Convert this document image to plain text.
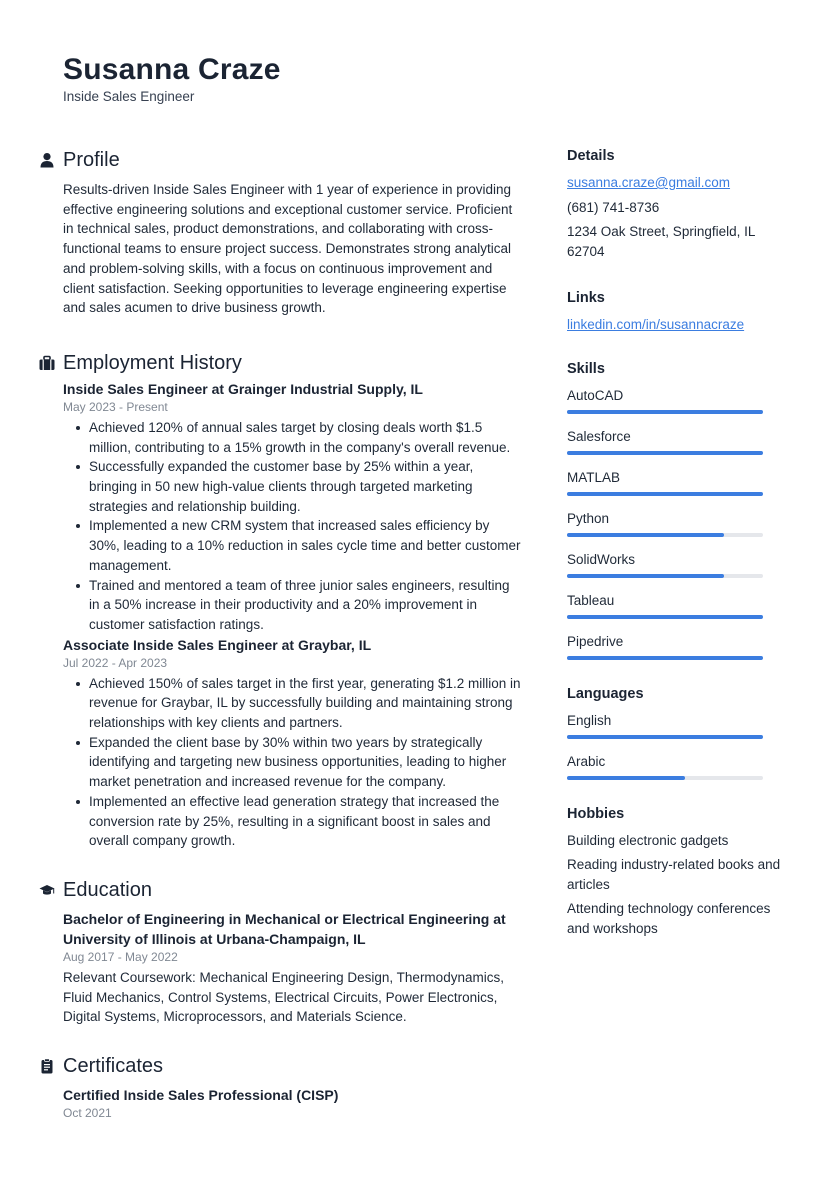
Susanna Craze
Inside Sales Engineer
Profile
Results-driven Inside Sales Engineer with 1 year of experience in providing effective engineering solutions and exceptional customer service. Proficient in technical sales, product demonstrations, and collaborating with cross-functional teams to ensure project success. Demonstrates strong analytical and problem-solving skills, with a focus on continuous improvement and client satisfaction. Seeking opportunities to leverage engineering expertise and sales acumen to drive business growth.
Employment History
Inside Sales Engineer at Grainger Industrial Supply, IL
May 2023 - Present
Achieved 120% of annual sales target by closing deals worth $1.5 million, contributing to a 15% growth in the company's overall revenue.
Successfully expanded the customer base by 25% within a year, bringing in 50 new high-value clients through targeted marketing strategies and relationship building.
Implemented a new CRM system that increased sales efficiency by 30%, leading to a 10% reduction in sales cycle time and better customer management.
Trained and mentored a team of three junior sales engineers, resulting in a 50% increase in their productivity and a 20% improvement in customer satisfaction ratings.
Associate Inside Sales Engineer at Graybar, IL
Jul 2022 - Apr 2023
Achieved 150% of sales target in the first year, generating $1.2 million in revenue for Graybar, IL by successfully building and maintaining strong relationships with key clients and partners.
Expanded the client base by 30% within two years by strategically identifying and targeting new business opportunities, leading to higher market penetration and increased revenue for the company.
Implemented an effective lead generation strategy that increased the conversion rate by 25%, resulting in a significant boost in sales and overall company growth.
Education
Bachelor of Engineering in Mechanical or Electrical Engineering at University of Illinois at Urbana-Champaign, IL
Aug 2017 - May 2022
Relevant Coursework: Mechanical Engineering Design, Thermodynamics, Fluid Mechanics, Control Systems, Electrical Circuits, Power Electronics, Digital Systems, Microprocessors, and Materials Science.
Certificates
Certified Inside Sales Professional (CISP)
Oct 2021
Details
susanna.craze@gmail.com
(681) 741-8736
1234 Oak Street, Springfield, IL 62704
Links
linkedin.com/in/susannacraze
Skills
AutoCAD
Salesforce
MATLAB
Python
SolidWorks
Tableau
Pipedrive
Languages
English
Arabic
Hobbies
Building electronic gadgets
Reading industry-related books and articles
Attending technology conferences and workshops
